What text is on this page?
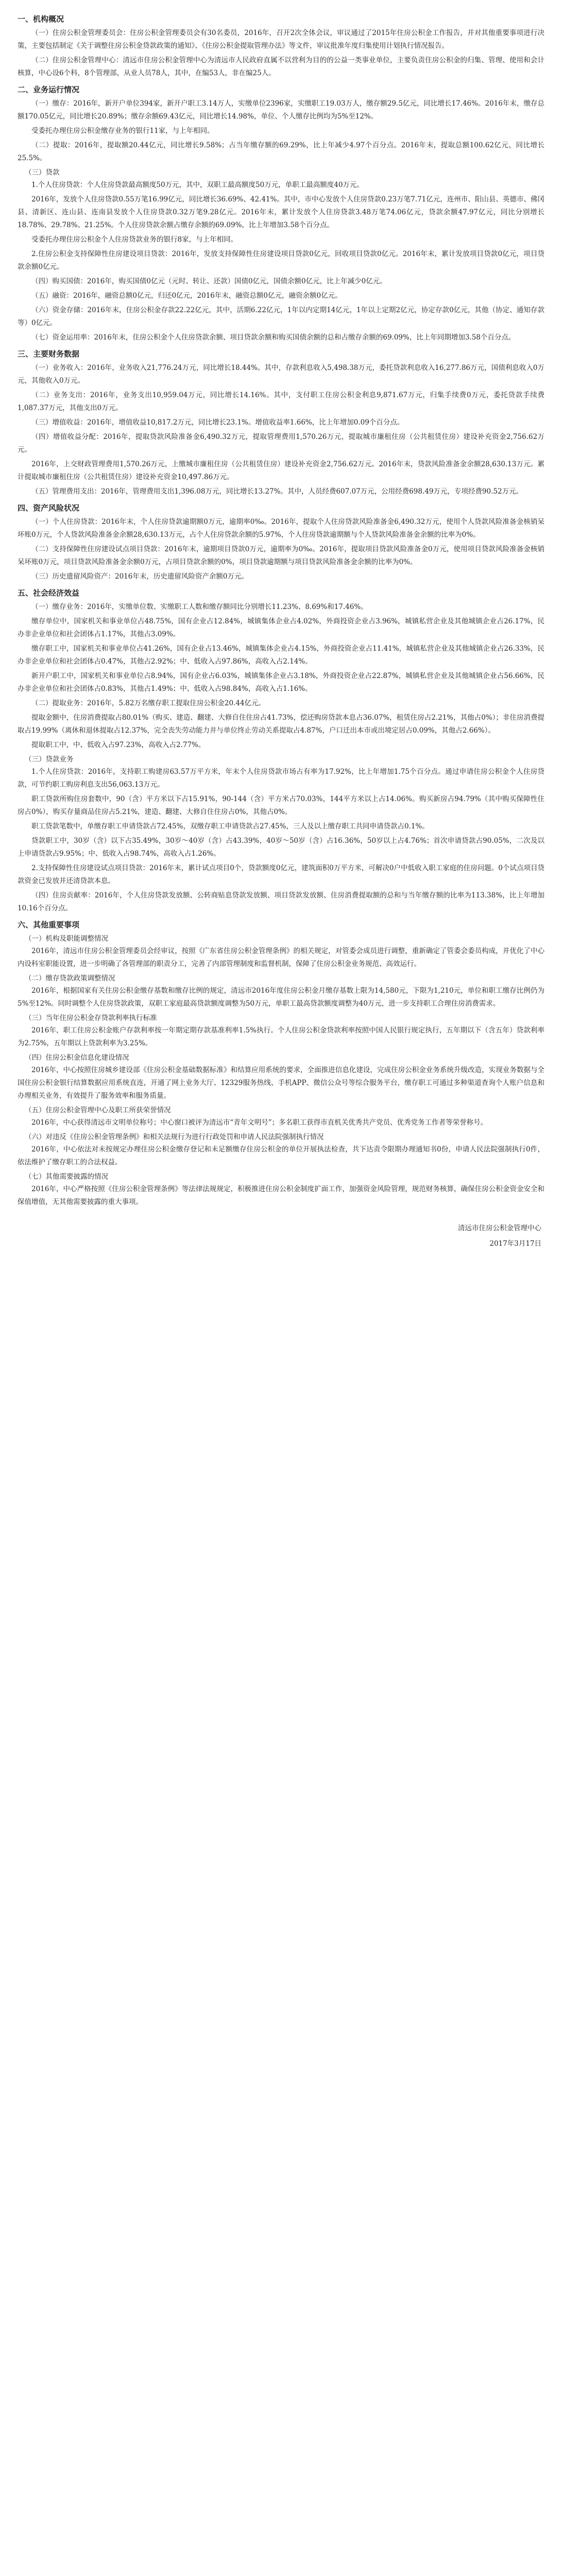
一、机构概况
（一）住房公积金管理委员会：住房公积金管理委员会有30名委员，2016年，召开2次全体会议，审议通过了2015年住房公积金工作报告，并对其他重要事项进行决策，主要包括制定《关于调整住房公积金贷款政策的通知》、《住房公积金提取管理办法》等文件，审议批准年度归集使用计划执行情况报告。
（二）住房公积金管理中心：清远市住房公积金管理中心为清远市人民政府直属不以营利为目的的公益一类事业单位，主要负责住房公积金的归集、管理、使用和会计核算，中心设6个科，8个管理部，从业人员78人，其中，在编53人，非在编25人。
二、业务运行情况
（一）缴存：2016年，新开户单位394家，新开户职工3.14万人，实缴单位2396家，实缴职工19.03万人，缴存额29.5亿元，同比增长17.46%。2016年末，缴存总额170.05亿元，同比增长20.89%；缴存余额69.43亿元，同比增长14.98%，单位、个人缴存比例均为5%至12%。
受委托办理住房公积金缴存业务的银行11家，与上年相同。
（二）提取：2016年，提取额20.44亿元，同比增长9.58%；占当年缴存额的69.29%，比上年减少4.97个百分点。2016年末，提取总额100.62亿元，同比增长25.5%。
（三）贷款
1.个人住房贷款：个人住房贷款最高额度50万元，其中，双职工最高额度50万元，单职工最高额度40万元。
2016年，发放个人住房贷款0.55万笔16.99亿元，同比增长36.69%、42.41%。其中，市中心发放个人住房贷款0.23万笔7.71亿元，连州市、阳山县、英德市、佛冈县、清新区、连山县、连南县发放个人住房贷款0.32万笔9.28亿元。2016年末，累计发放个人住房贷款3.48万笔74.06亿元，贷款余额47.97亿元，同比分别增长18.78%、29.78%、21.25%。个人住房贷款余额占缴存余额的69.09%，比上年增加3.58个百分点。
受委托办理住房公积金个人住房贷款业务的银行8家，与上年相同。
2.住房公积金支持保障性住房建设项目贷款：2016年，发放支持保障性住房建设项目贷款0亿元，回收项目贷款0亿元。2016年末，累计发放项目贷款0亿元，项目贷款余额0亿元。
（四）购买国债：2016年，购买国债0亿元（元时、转让、还款）国债0亿元，国债余额0亿元，比上年减少0亿元。
（五）融资：2016年，融资总额0亿元，归还0亿元，2016年末，融资总额0亿元，融资余额0亿元。
（六）资金存储：2016年末，住房公积金存款22.22亿元，其中，活期6.22亿元，1年以内定期14亿元，1年以上定期2亿元，协定存款0亿元，其他（协定、通知存款等）0亿元。
（七）资金运用率：2016年末，住房公积金个人住房贷款余额、项目贷款余额和购买国债余额的总和占缴存余额的69.09%，比上年同期增加3.58个百分点。
三、主要财务数据
（一）业务收入：2016年，业务收入21,776.24万元，同比增长18.44%。其中，存款利息收入5,498.38万元，委托贷款利息收入16,277.86万元，国债利息收入0万元，其他收入0万元。
（二）业务支出：2016年，业务支出10,959.04万元，同比增长14.16%。其中，支付职工住房公积金利息9,871.67万元，归集手续费0万元，委托贷款手续费1,087.37万元，其他支出0万元。
（三）增值收益：2016年，增值收益10,817.2万元，同比增长23.1%。增值收益率1.66%，比上年增加0.09个百分点。
（四）增值收益分配：2016年，提取贷款风险准备金6,490.32万元，提取管理费用1,570.26万元，提取城市廉租住房（公共租赁住房）建设补充资金2,756.62万元。
2016年，上交财政管理费用1,570.26万元，上缴城市廉租住房（公共租赁住房）建设补充资金2,756.62万元。2016年末，贷款风险准备金余额28,630.13万元。累计提取城市廉租住房（公共租赁住房）建设补充资金10,497.86万元。
（五）管理费用支出：2016年，管理费用支出1,396.08万元，同比增长13.27%。其中，人员经费607.07万元，公用经费698.49万元，专项经费90.52万元。
四、资产风险状况
（一）个人住房贷款：2016年末，个人住房贷款逾期额0万元，逾期率0‰。2016年，提取个人住房贷款风险准备金6,490.32万元，使用个人贷款风险准备金核销呆坏账0万元，个人贷款风险准备金余额28,630.13万元，占个人住房贷款余额的5.97%，个人住房贷款逾期额与个人贷款风险准备金余额的比率为0%。
（二）支持保障性住房建设试点项目贷款：2016年末，逾期项目贷款0万元，逾期率为0‰。2016年，提取项目贷款风险准备金0万元，使用项目贷款风险准备金核销呆坏账0万元，项目贷款风险准备金余额0万元，占项目贷款余额的0%，项目贷款逾期额与项目贷款风险准备金余额的比率为0%。
（三）历史遗留风险资产：2016年末，历史遗留风险资产余额0万元。
五、社会经济效益
（一）缴存业务：2016年，实缴单位数、实缴职工人数和缴存额同比分别增长11.23%、8.69%和17.46%。
缴存单位中，国家机关和事业单位占48.75%，国有企业占12.84%，城镇集体企业占4.02%，外商投资企业占3.96%，城镇私营企业及其他城镇企业占26.17%，民办非企业单位和社会团体占1.17%，其他占3.09%。
缴存职工中，国家机关和事业单位占41.26%，国有企业占13.46%，城镇集体企业占4.15%，外商投资企业占11.41%，城镇私营企业及其他城镇企业占26.33%，民办非企业单位和社会团体占0.47%，其他占2.92%；中、低收入占97.86%，高收入占2.14%。
新开户职工中，国家机关和事业单位占8.94%，国有企业占6.03%，城镇集体企业占3.18%，外商投资企业占22.87%，城镇私营企业及其他城镇企业占56.66%，民办非企业单位和社会团体占0.83%，其他占1.49%；中、低收入占98.84%，高收入占1.16%。
（二）提取业务：2016年，5.82万名缴存职工提取住房公积金20.44亿元。
提取金额中，住房消费提取占80.01%（购买、建造、翻建、大修自住住房占41.73%，偿还购房贷款本息占36.07%，租赁住房占2.21%，其他占0%）；非住房消费提取占19.99%（离休和退休提取占12.37%，完全丧失劳动能力并与单位终止劳动关系提取占4.87%，户口迁出本市或出境定居占0.09%，其他占2.66%）。
提取职工中，中、低收入占97.23%，高收入占2.77%。
（三）贷款业务
1.个人住房贷款：2016年，支持职工购建房63.57万平方米，年末个人住房贷款市场占有率为17.92%，比上年增加1.75个百分点。通过申请住房公积金个人住房贷款，可节约职工购房利息支出56,063.13万元。
职工贷款所购住房套数中，90（含）平方米以下占15.91%，90-144（含）平方米占70.03%，144平方米以上占14.06%。购买新房占94.79%（其中购买保障性住房占0%），购买存量商品住房占5.21%，建造、翻建、大修自住住房占0%，其他占0%。
职工贷款笔数中，单缴存职工申请贷款占72.45%，双缴存职工申请贷款占27.45%，三人及以上缴存职工共同申请贷款占0.1%。
贷款职工中，30岁（含）以下占35.49%，30岁～40岁（含）占43.39%，40岁～50岁（含）占16.36%，50岁以上占4.76%；首次申请贷款占90.05%，二次及以上申请贷款占9.95%；中、低收入占98.74%，高收入占1.26%。
2.支持保障性住房建设试点项目贷款：2016年末，累计试点项目0个，贷款额度0亿元，建筑面积0万平方米，可解决0户中低收入职工家庭的住房问题。0个试点项目贷款资金已发放并还清贷款本息。
（四）住房贡献率：2016年，个人住房贷款发放额、公转商贴息贷款发放额、项目贷款发放额、住房消费提取额的总和与当年缴存额的比率为113.38%，比上年增加10.16个百分点。
六、其他重要事项
（一）机构及职能调整情况
2016年，清远市住房公积金管理委员会经审议，按照《广东省住房公积金管理条例》的相关规定，对管委会成员进行调整，重新确定了管委会委员构成，并优化了中心内设科室职能设置，进一步明确了各管理部的职责分工，完善了内部管理制度和监督机制，保障了住房公积金业务规范、高效运行。
（二）缴存贷款政策调整情况
2016年，根据国家有关住房公积金缴存基数和缴存比例的规定，清远市2016年度住房公积金月缴存基数上限为14,580元，下限为1,210元，单位和职工缴存比例仍为5%至12%。同时调整个人住房贷款政策，双职工家庭最高贷款额度调整为50万元，单职工最高贷款额度调整为40万元，进一步支持职工合理住房消费需求。
（三）当年住房公积金存贷款利率执行标准
2016年，职工住房公积金账户存款利率按一年期定期存款基准利率1.5%执行。个人住房公积金贷款利率按照中国人民银行规定执行，五年期以下（含五年）贷款利率为2.75%，五年期以上贷款利率为3.25%。
（四）住房公积金信息化建设情况
2016年，中心按照住房城乡建设部《住房公积金基础数据标准》和结算应用系统的要求，全面推进信息化建设，完成住房公积金业务系统升级改造，实现业务数据与全国住房公积金银行结算数据应用系统直连，开通了网上业务大厅、12329服务热线、手机APP、微信公众号等综合服务平台，缴存职工可通过多种渠道查询个人账户信息和办理相关业务，有效提升了服务效率和服务质量。
（五）住房公积金管理中心及职工所获荣誉情况
2016年，中心获得清远市文明单位称号；中心窗口被评为清远市“青年文明号”；多名职工获得市直机关优秀共产党员、优秀党务工作者等荣誉称号。
（六）对违反《住房公积金管理条例》和相关法规行为进行行政处罚和申请人民法院强制执行情况
2016年，中心依法对未按规定办理住房公积金缴存登记和未足额缴存住房公积金的单位开展执法检查，共下达责令限期办理通知书0份，申请人民法院强制执行0件，依法维护了缴存职工的合法权益。
（七）其他需要披露的情况
2016年，中心严格按照《住房公积金管理条例》等法律法规规定，积极推进住房公积金制度扩面工作，加强资金风险管理，规范财务核算，确保住房公积金资金安全和保值增值，无其他需要披露的重大事项。
清远市住房公积金管理中心
2017年3月17日
